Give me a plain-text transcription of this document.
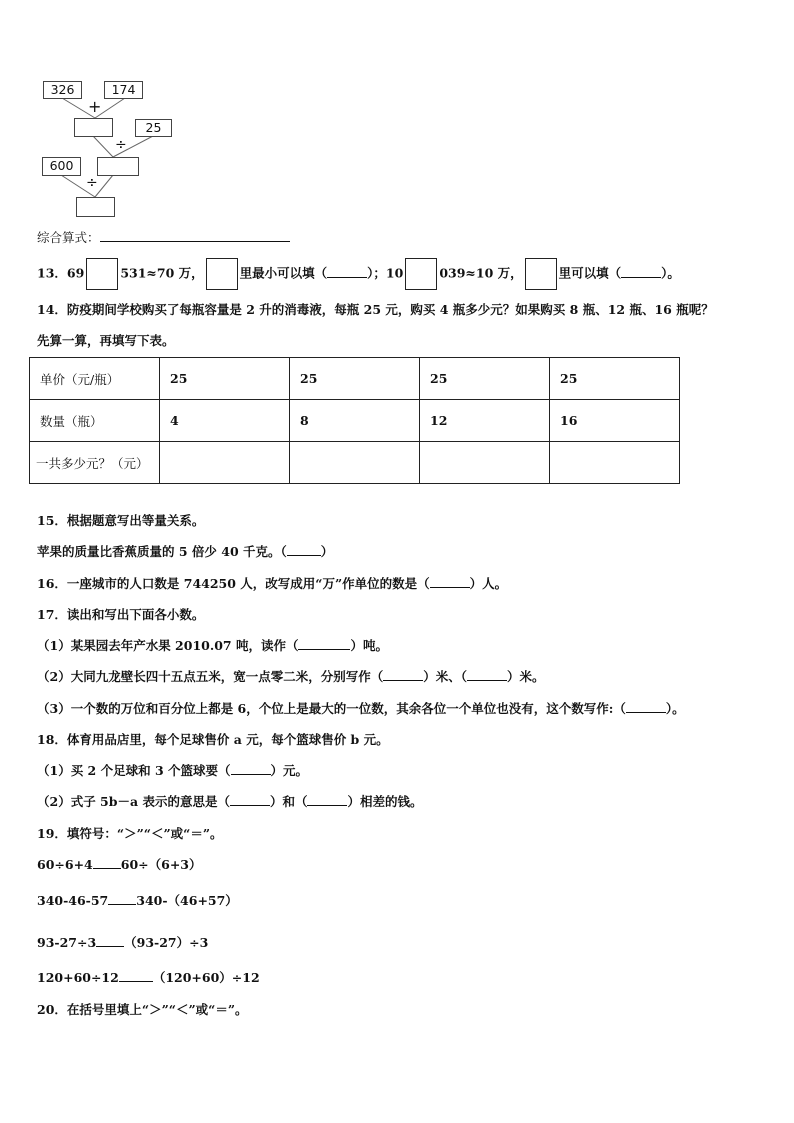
326	174
+
25
÷
600
÷
综合算式：
13．69	531≈70 万，	里最小可以填（	）；10	039≈10 万，	里可以填（	）。
14．防疫期间学校购买了每瓶容量是 2 升的消毒液，每瓶 25 元，购买 4 瓶多少元？如果购买 8 瓶、12 瓶、16 瓶呢？
先算一算，再填写下表。
单价（元/瓶）	25	25	25	25
数量（瓶）	4	8	12	16
一共多少元？（元）				
15．根据题意写出等量关系。
苹果的质量比香蕉质量的 5 倍少 40 千克。（	）
16．一座城市的人口数是 744250 人，改写成用“万”作单位的数是（	）人。
17．读出和写出下面各小数。
（1）某果园去年产水果 2010.07 吨，读作（	）吨。
（2）大同九龙壁长四十五点五米，宽一点零二米，分别写作（	）米、（	）米。
（3）一个数的万位和百分位上都是 6，个位上是最大的一位数，其余各位一个单位也没有，这个数写作:（	）。
18．体育用品店里，每个足球售价 a 元，每个篮球售价 b 元。
（1）买 2 个足球和 3 个篮球要（	）元。
（2）式子 5b－a 表示的意思是（	）和（	）相差的钱。
19．填符号：“＞”“＜”或“＝”。
60÷6+4 60÷（6+3）
340-46-57 340-（46+57）
93-27÷3 （93-27）÷3
120+60÷12	（120+60）÷12
20．在括号里填上“＞”“＜”或“＝”。
